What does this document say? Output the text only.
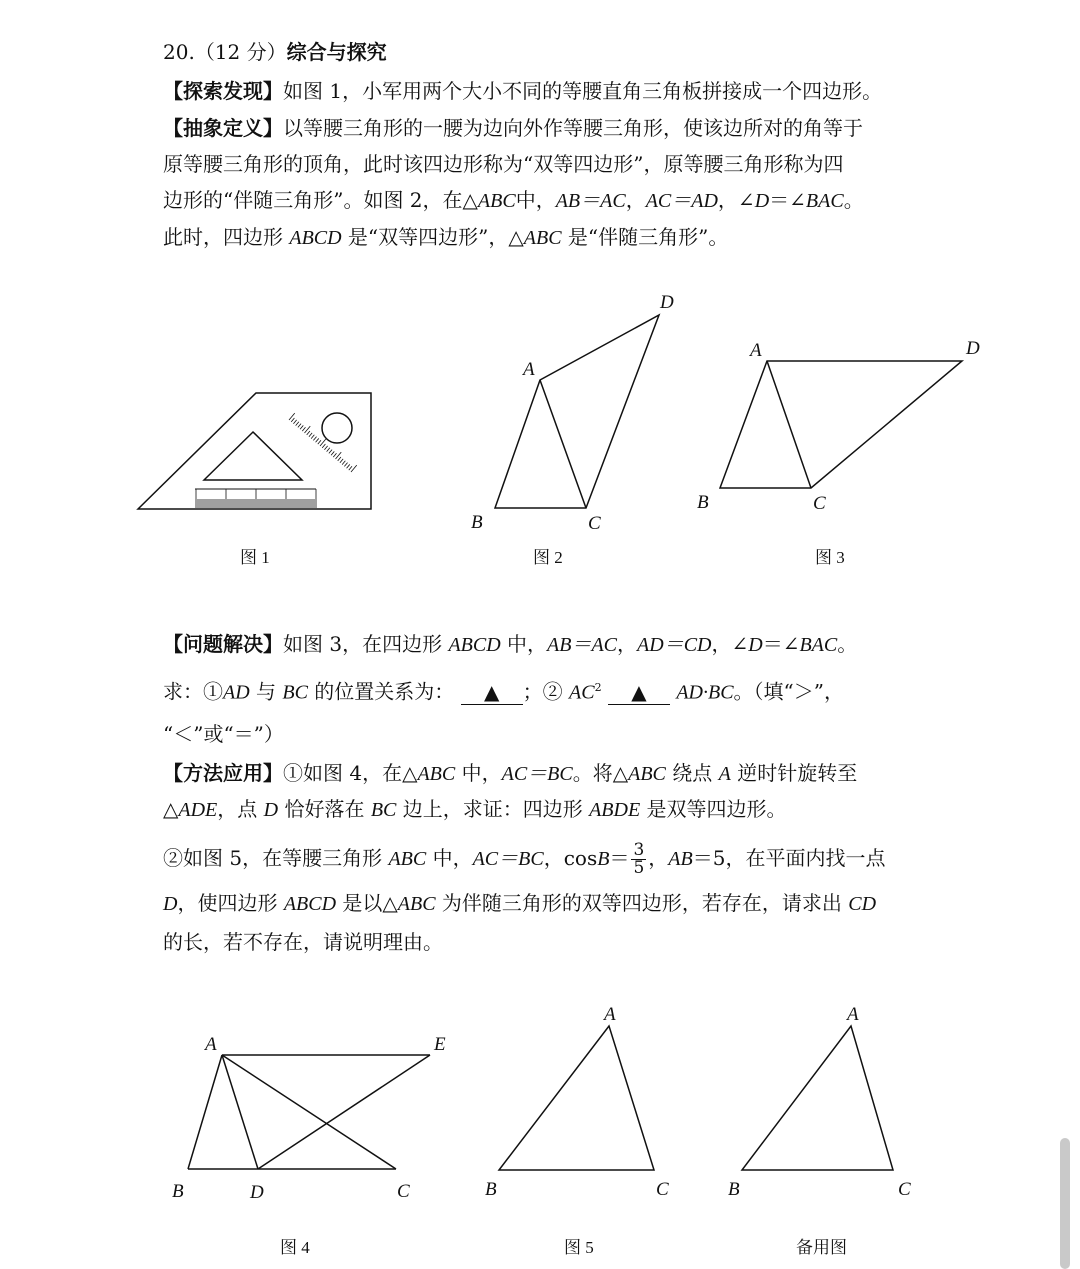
20.（12 分）综合与探究
【探索发现】如图 1，小军用两个大小不同的等腰直角三角板拼接成一个四边形。
【抽象定义】以等腰三角形的一腰为边向外作等腰三角形，使该边所对的角等于
原等腰三角形的顶角，此时该四边形称为“双等四边形”，原等腰三角形称为四
边形的“伴随三角形”。如图 2，在△ABC中，AB＝AC，AC＝AD，∠D＝∠BAC。
此时，四边形 ABCD 是“双等四边形”，△ABC 是“伴随三角形”。
【问题解决】如图 3，在四边形 ABCD 中，AB＝AC，AD＝CD，∠D＝∠BAC。
求：①AD 与 BC 的位置关系为： ▲ ；② $AC^2$ ▲ AD·BC。（填“＞”，
“＜”或“＝”）
【方法应用】①如图 4，在△ABC 中，AC＝BC。将△ABC 绕点 A 逆时针旋转至
△ADE，点 D 恰好落在 BC 边上，求证：四边形 ABDE 是双等四边形。
②如图 5，在等腰三角形 ABC 中，AC＝BC，$\cos B= \frac{3}{5}$ ，AB＝5，在平面内找一点
D，使四边形 ABCD 是以△ABC 为伴随三角形的双等四边形，若存在，请求出 CD
的长，若不存在，请说明理由。
D
A
B	C
A	D
B	C
图 1	图 2	图 3
A	E
B	D	C
A
B	C
A
B	C
图 4	图 5	备用图
